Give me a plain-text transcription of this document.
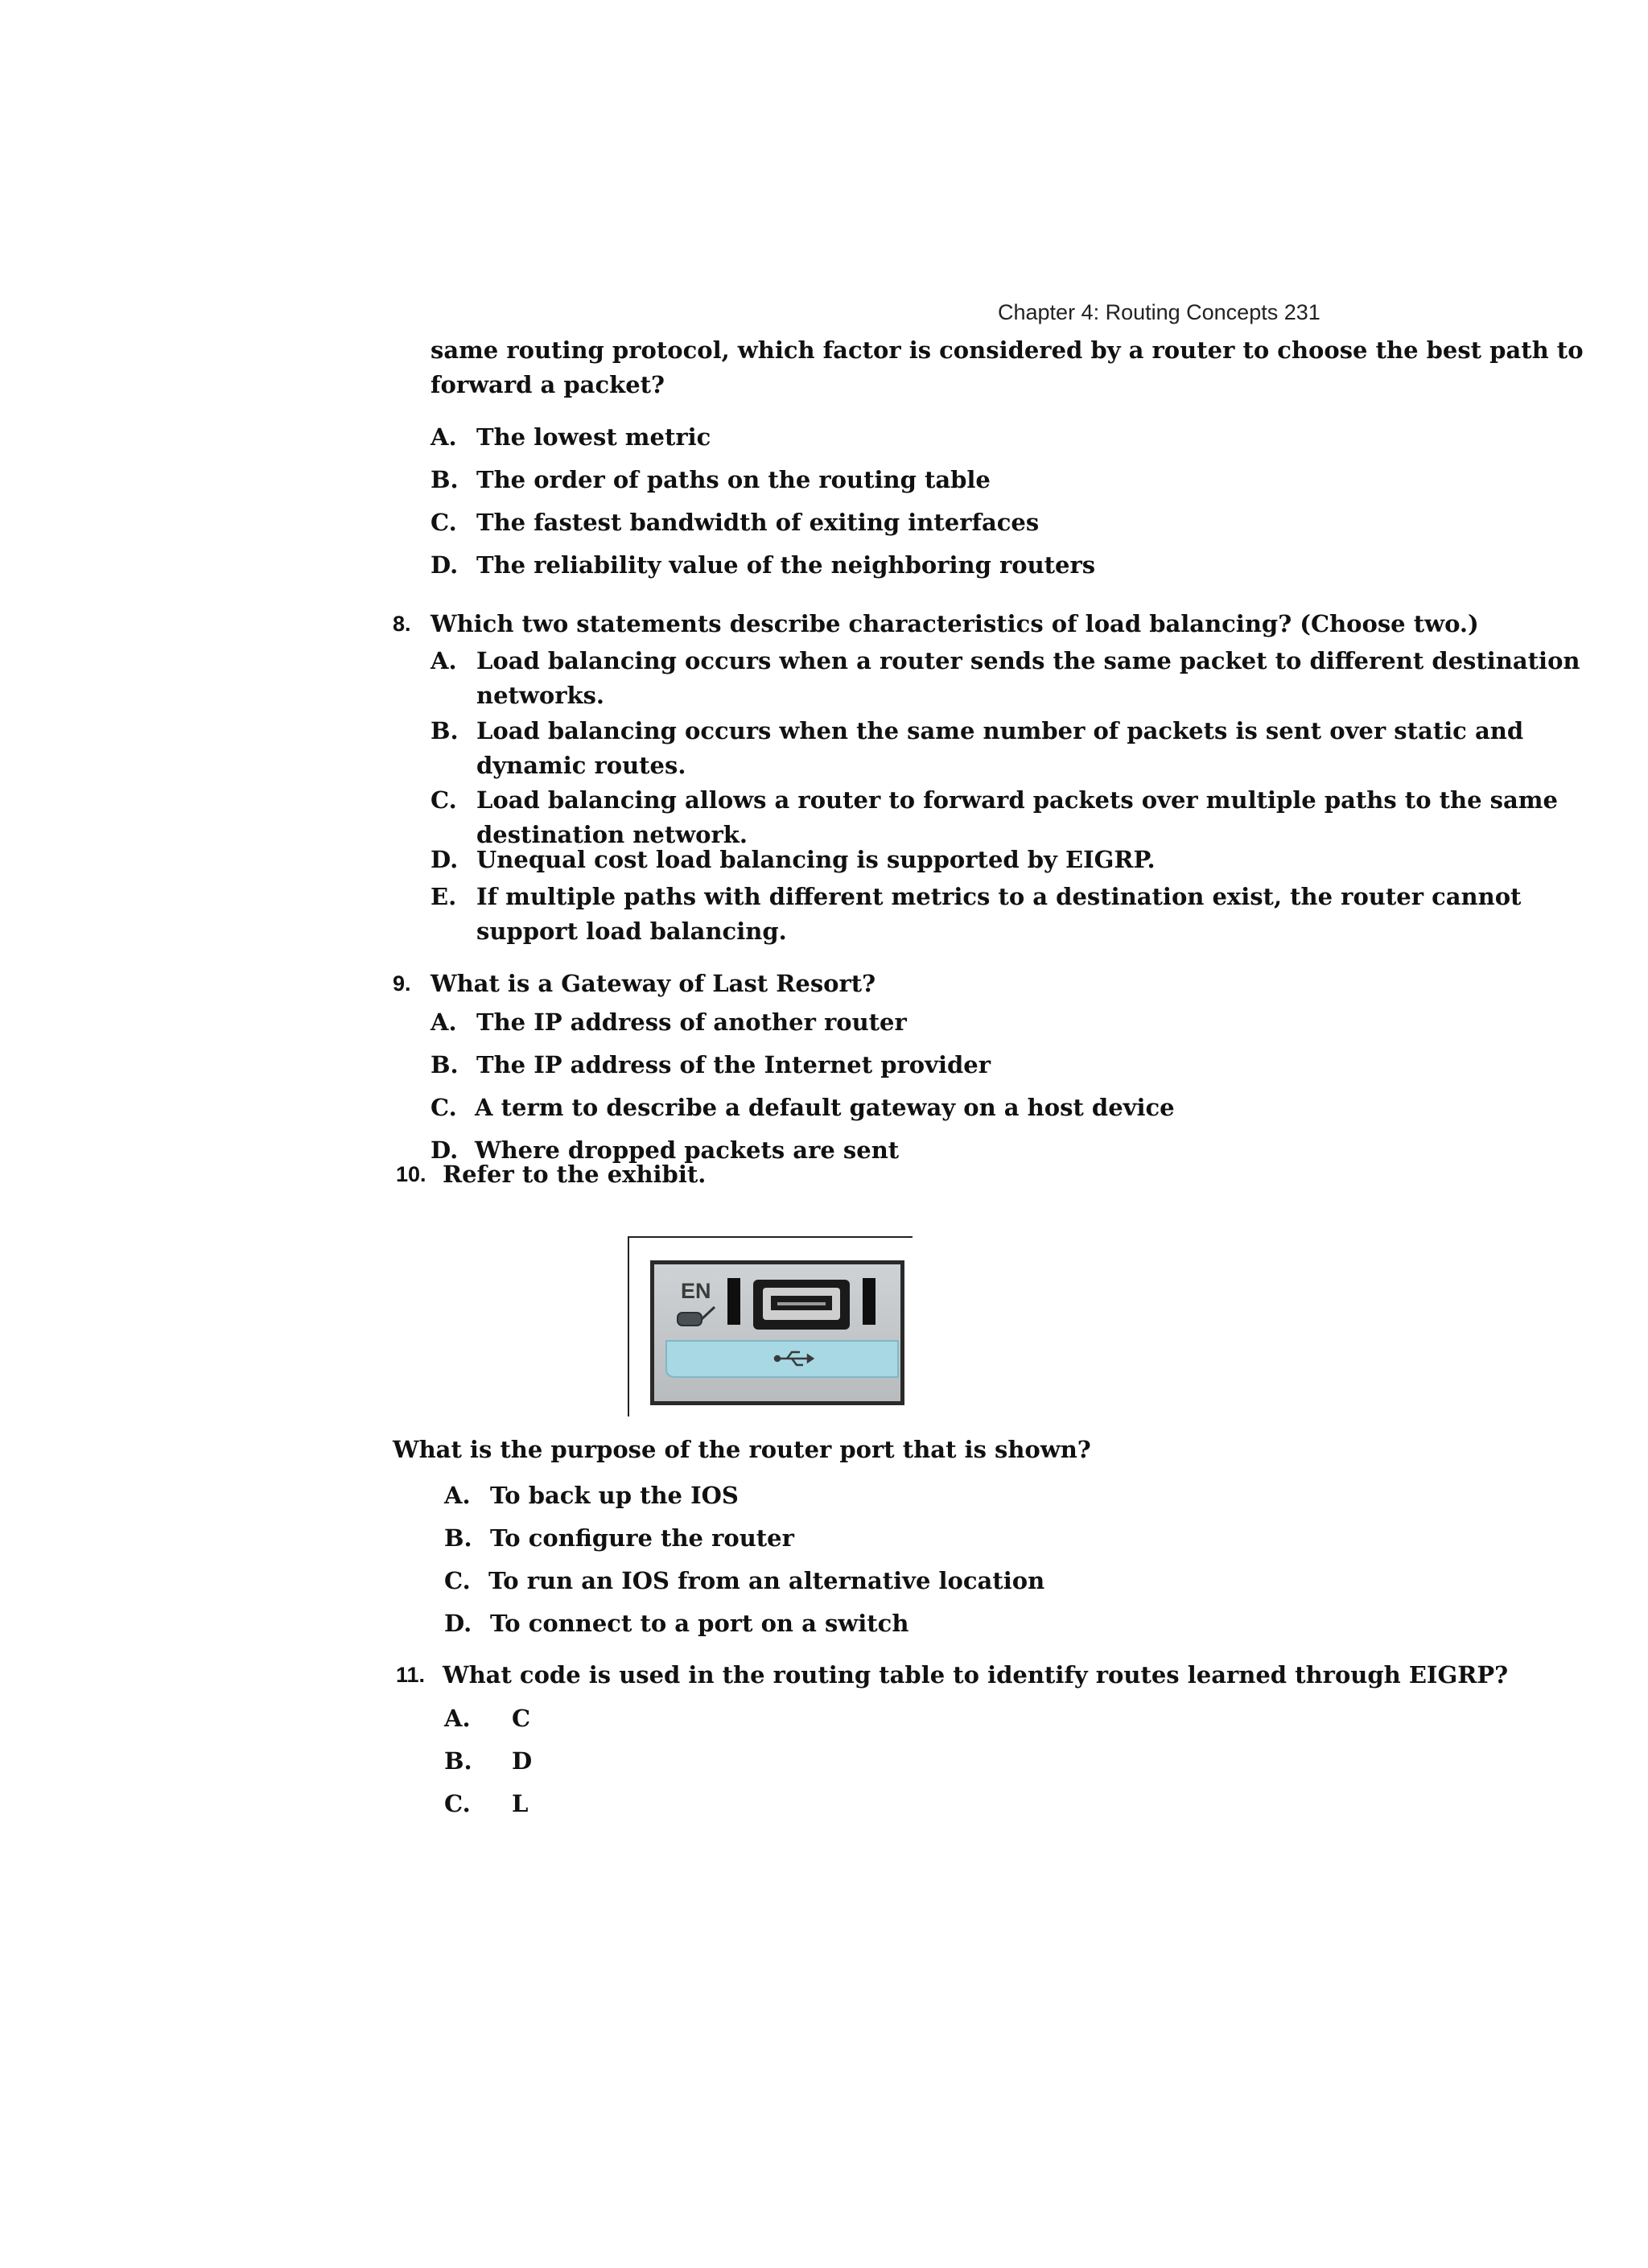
Chapter 4: Routing Concepts 231
same routing protocol, which factor is considered by a router to choose the best path to
forward a packet?
A. The lowest metric
B. The order of paths on the routing table
C. The fastest bandwidth of exiting interfaces
D. The reliability value of the neighboring routers
8. Which two statements describe characteristics of load balancing? (Choose two.)
A. Load balancing occurs when a router sends the same packet to different destination
networks.
B. Load balancing occurs when the same number of packets is sent over static and
dynamic routes.
C. Load balancing allows a router to forward packets over multiple paths to the same
destination network.
D. Unequal cost load balancing is supported by EIGRP.
E. If multiple paths with different metrics to a destination exist, the router cannot
support load balancing.
9. What is a Gateway of Last Resort?
A. The IP address of another router
B. The IP address of the Internet provider
C. A term to describe a default gateway on a host device
D. Where dropped packets are sent
10. Refer to the exhibit.
EN
What is the purpose of the router port that is shown?
A. To back up the IOS
B. To configure the router
C. To run an IOS from an alternative location
D. To connect to a port on a switch
11. What code is used in the routing table to identify routes learned through EIGRP?
A. C
B. D
C. L
